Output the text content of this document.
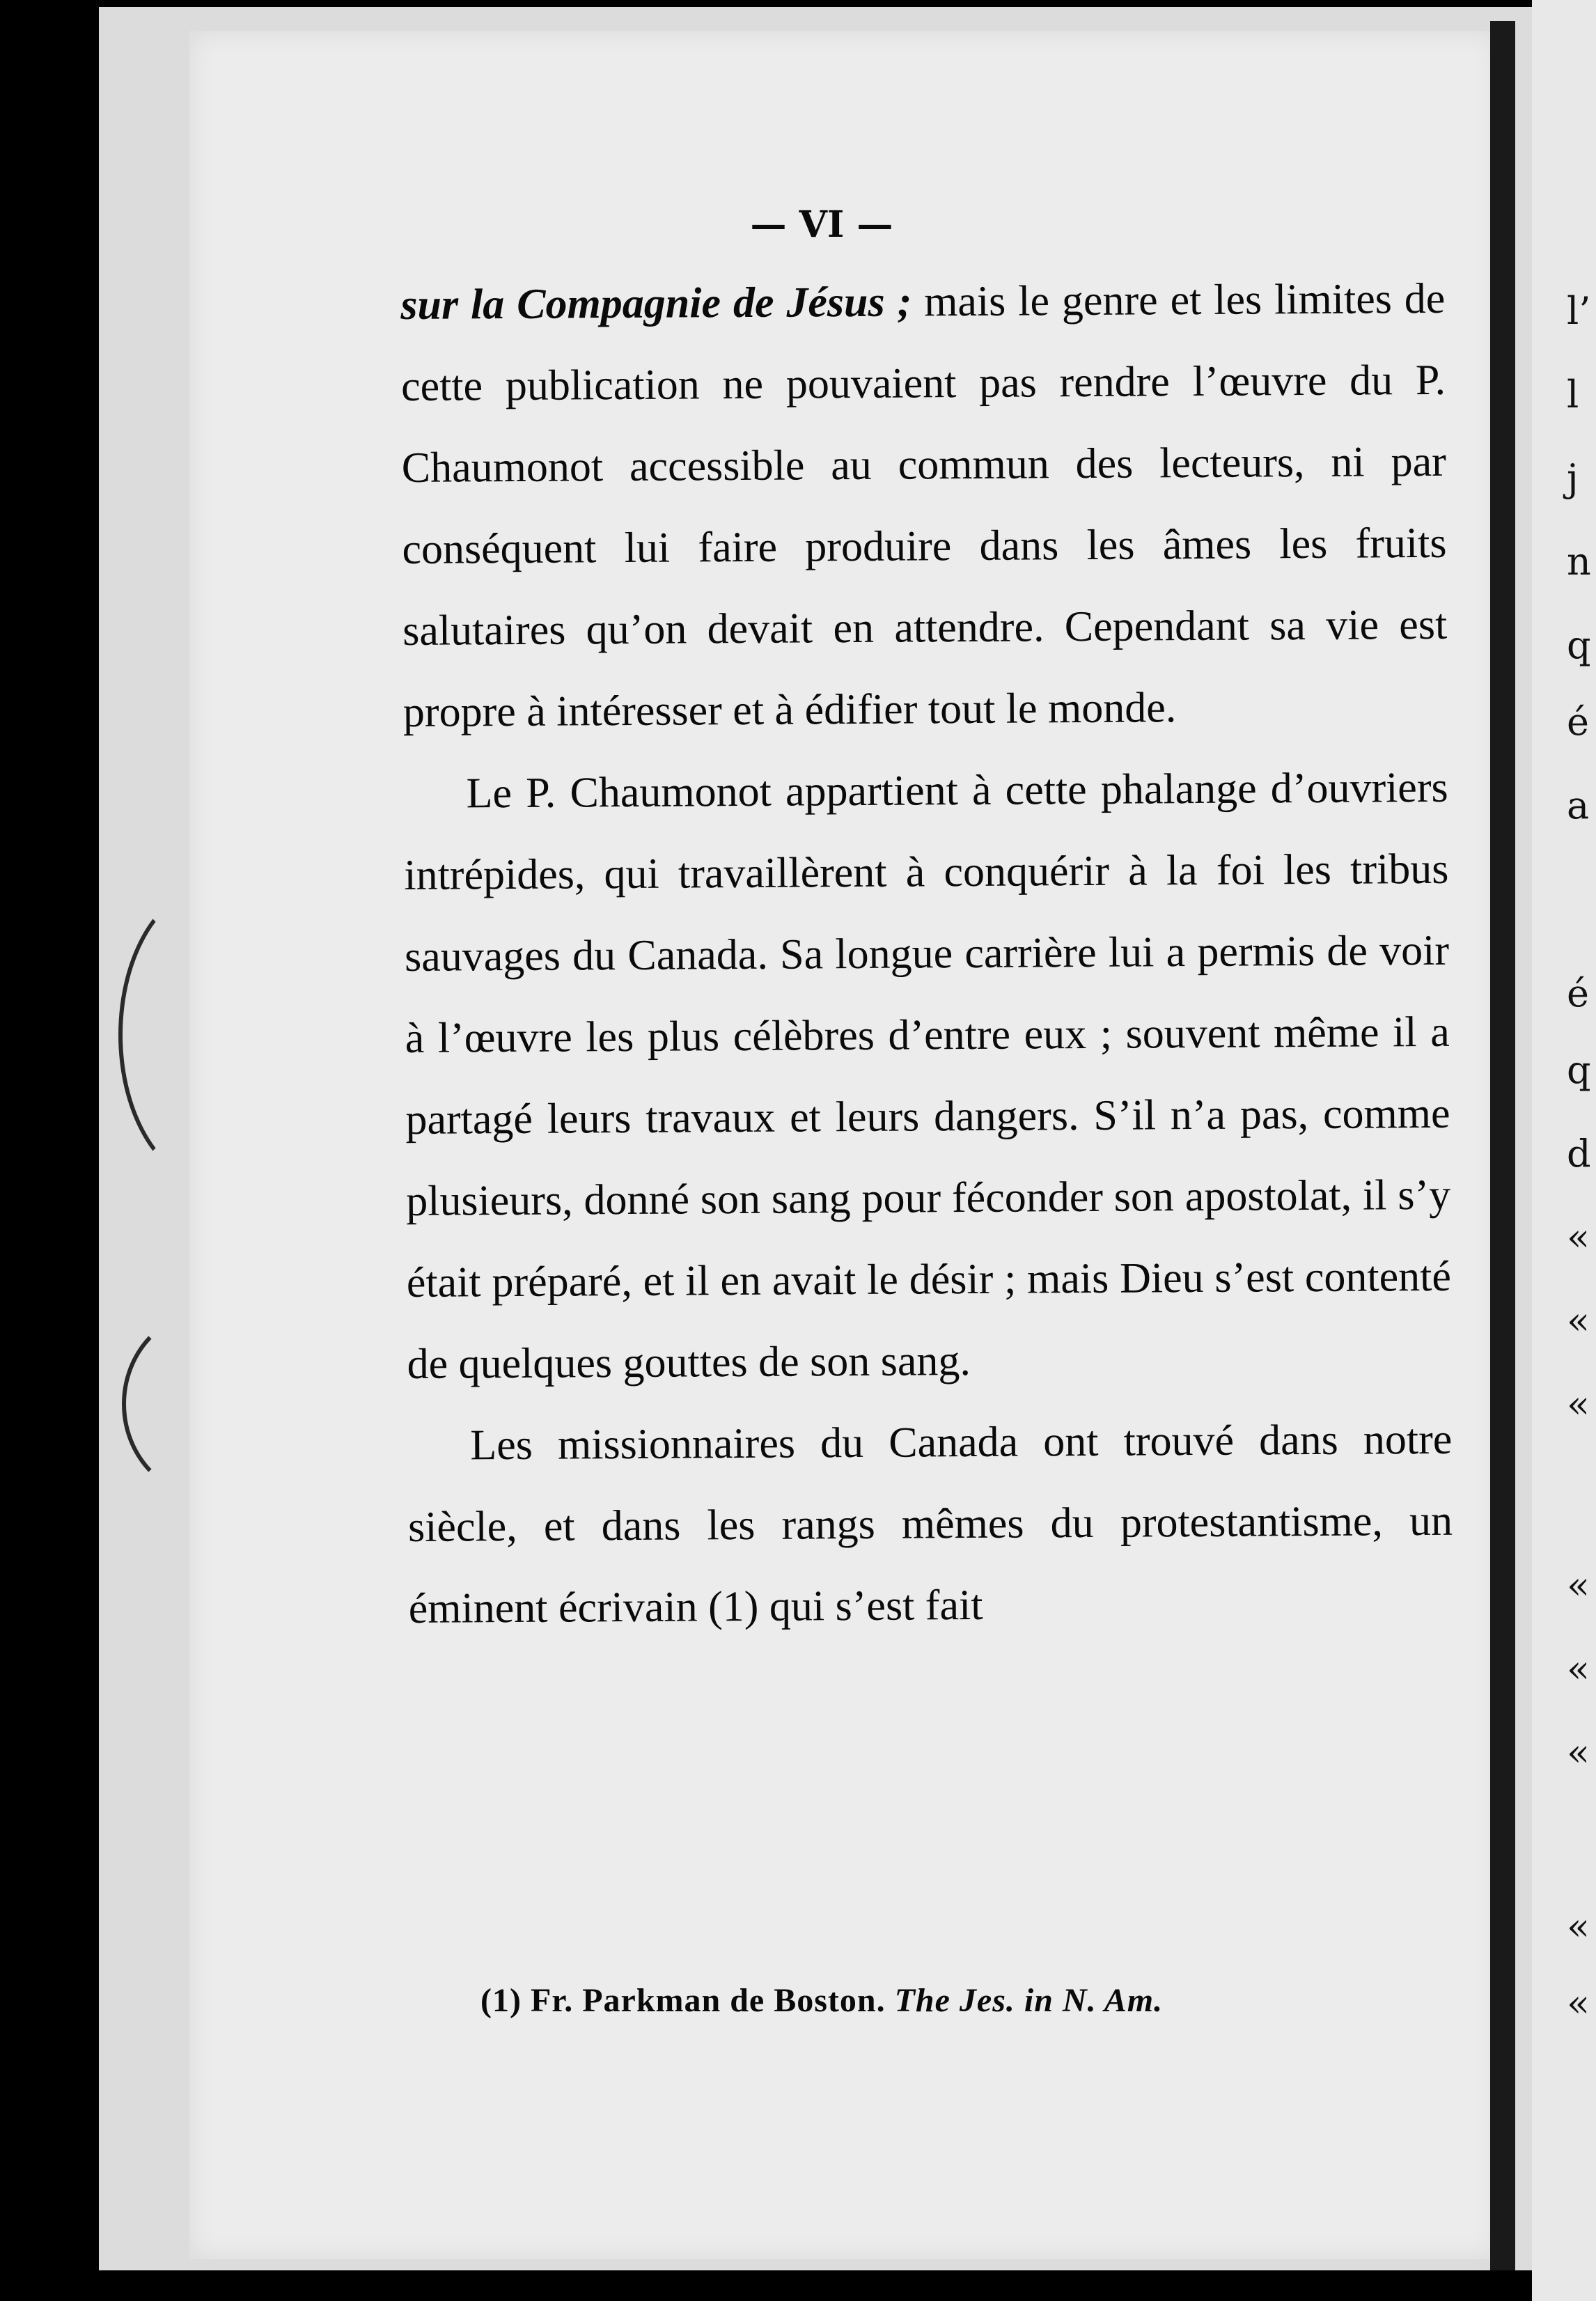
l’
l
j
n
q
é
a
é
q
d
«
«
«
«
«
«
«
«
— VI —

sur la Compagnie de Jésus ; mais le genre et les limites de cette publication ne pouvaient pas rendre l’œuvre du P. Chaumonot accessible au commun des lecteurs, ni par conséquent lui faire produire dans les âmes les fruits salutaires qu’on devait en attendre. Cependant sa vie est propre à intéresser et à édifier tout le monde.

Le P. Chaumonot appartient à cette phalange d’ouvriers intrépides, qui travaillèrent à conquérir à la foi les tribus sauvages du Canada. Sa longue carrière lui a permis de voir à l’œuvre les plus célèbres d’entre eux ; souvent même il a partagé leurs travaux et leurs dangers. S’il n’a pas, comme plusieurs, donné son sang pour féconder son apostolat, il s’y était préparé, et il en avait le désir ; mais Dieu s’est contenté de quelques gouttes de son sang.

Les missionnaires du Canada ont trouvé dans notre siècle, et dans les rangs mêmes du protestantisme, un éminent écrivain (1) qui s’est fait

(1) Fr. Parkman de Boston. The Jes. in N. Am.
